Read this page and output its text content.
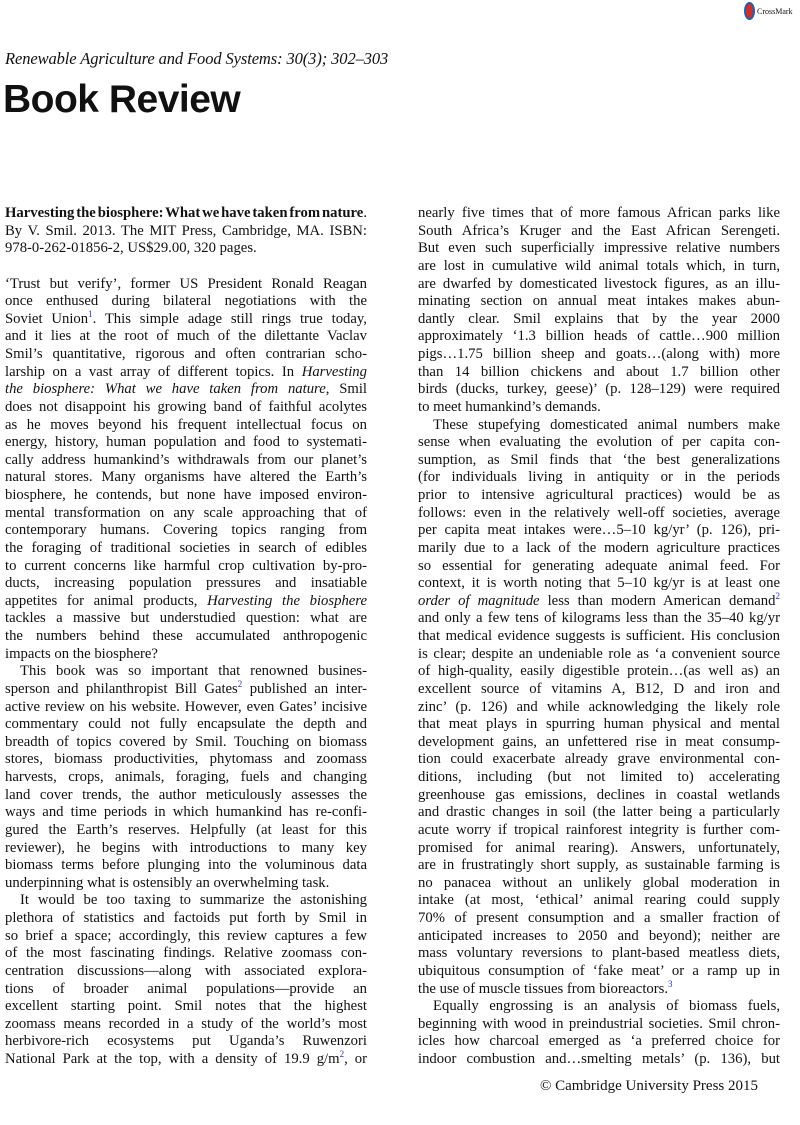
CrossMark
Renewable Agriculture and Food Systems: 30(3); 302–303
Book Review
Harvesting the biosphere: What we have taken from nature.
By V. Smil. 2013. The MIT Press, Cambridge, MA. ISBN:
978-0-262-01856-2, US$29.00, 320 pages.
‘Trust but verify’, former US President Ronald Reagan
once enthused during bilateral negotiations with the
Soviet Union$^1$. This simple adage still rings true today,
and it lies at the root of much of the dilettante Vaclav
Smil’s quantitative, rigorous and often contrarian scho-
larship on a vast array of different topics. In Harvesting
the biosphere: What we have taken from nature, Smil
does not disappoint his growing band of faithful acolytes
as he moves beyond his frequent intellectual focus on
energy, history, human population and food to systemati-
cally address humankind’s withdrawals from our planet’s
natural stores. Many organisms have altered the Earth’s
biosphere, he contends, but none have imposed environ-
mental transformation on any scale approaching that of
contemporary humans. Covering topics ranging from
the foraging of traditional societies in search of edibles
to current concerns like harmful crop cultivation by-pro-
ducts, increasing population pressures and insatiable
appetites for animal products, Harvesting the biosphere
tackles a massive but understudied question: what are
the numbers behind these accumulated anthropogenic
impacts on the biosphere?
This book was so important that renowned busines-
sperson and philanthropist Bill Gates$^2$ published an inter-
active review on his website. However, even Gates’ incisive
commentary could not fully encapsulate the depth and
breadth of topics covered by Smil. Touching on biomass
stores, biomass productivities, phytomass and zoomass
harvests, crops, animals, foraging, fuels and changing
land cover trends, the author meticulously assesses the
ways and time periods in which humankind has re-confi-
gured the Earth’s reserves. Helpfully (at least for this
reviewer), he begins with introductions to many key
biomass terms before plunging into the voluminous data
underpinning what is ostensibly an overwhelming task.
It would be too taxing to summarize the astonishing
plethora of statistics and factoids put forth by Smil in
so brief a space; accordingly, this review captures a few
of the most fascinating findings. Relative zoomass con-
centration discussions—along with associated explora-
tions of broader animal populations—provide an
excellent starting point. Smil notes that the highest
zoomass means recorded in a study of the world’s most
herbivore-rich ecosystems put Uganda’s Ruwenzori
National Park at the top, with a density of 19.9 $g/m^2$, or
nearly five times that of more famous African parks like
South Africa’s Kruger and the East African Serengeti.
But even such superficially impressive relative numbers
are lost in cumulative wild animal totals which, in turn,
are dwarfed by domesticated livestock figures, as an illu-
minating section on annual meat intakes makes abun-
dantly clear. Smil explains that by the year 2000
approximately ‘1.3 billion heads of cattle…900 million
pigs…1.75 billion sheep and goats…(along with) more
than 14 billion chickens and about 1.7 billion other
birds (ducks, turkey, geese)’ (p. 128–129) were required
to meet humankind’s demands.
These stupefying domesticated animal numbers make
sense when evaluating the evolution of per capita con-
sumption, as Smil finds that ‘the best generalizations
(for individuals living in antiquity or in the periods
prior to intensive agricultural practices) would be as
follows: even in the relatively well-off societies, average
per capita meat intakes were…5–10 kg/yr’ (p. 126), pri-
marily due to a lack of the modern agriculture practices
so essential for generating adequate animal feed. For
context, it is worth noting that 5–10 kg/yr is at least one
order of magnitude less than modern American demand$^2$
and only a few tens of kilograms less than the 35–40 kg/yr
that medical evidence suggests is sufficient. His conclusion
is clear; despite an undeniable role as ‘a convenient source
of high-quality, easily digestible protein…(as well as) an
excellent source of vitamins A, B12, D and iron and
zinc’ (p. 126) and while acknowledging the likely role
that meat plays in spurring human physical and mental
development gains, an unfettered rise in meat consump-
tion could exacerbate already grave environmental con-
ditions, including (but not limited to) accelerating
greenhouse gas emissions, declines in coastal wetlands
and drastic changes in soil (the latter being a particularly
acute worry if tropical rainforest integrity is further com-
promised for animal rearing). Answers, unfortunately,
are in frustratingly short supply, as sustainable farming is
no panacea without an unlikely global moderation in
intake (at most, ‘ethical’ animal rearing could supply
70% of present consumption and a smaller fraction of
anticipated increases to 2050 and beyond); neither are
mass voluntary reversions to plant-based meatless diets,
ubiquitous consumption of ‘fake meat’ or a ramp up in
the use of muscle tissues from bioreactors.$^3$
Equally engrossing is an analysis of biomass fuels,
beginning with wood in preindustrial societies. Smil chron-
icles how charcoal emerged as ‘a preferred choice for
indoor combustion and…smelting metals’ (p. 136), but
© Cambridge University Press 2015
